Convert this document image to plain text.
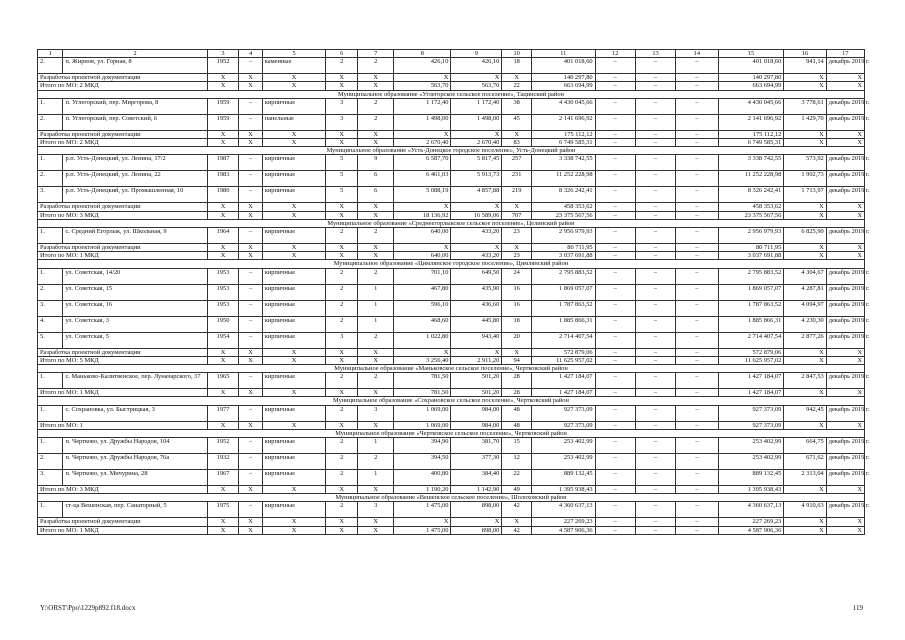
1	2	3	4	5	6	7	8	9	10	11	12	13	14	15	16	17
2.	п. Жирнов, ул. Горная, 8	1952	–	каменные	2	2	426,10	426,10	18	401 018,60	–	–	–	401 018,60	941,14	декабрь 2019 г.
Разработка проектной документации		X	X	X	X	X	X	X	X	140 297,80	–	–	–	140 297,80	X	X
Итого по МО: 2 МКД		X	X	X	X	X	563,70	563,70	22	663 694,99	–	–	–	663 694,99	X	X
Муниципальное образование «Углегорское сельское поселение», Тацинский район																
1.	п. Углегорский, пер. Миргорова, 8	1959	–	кирпичные	3	2	1 172,40	1 172,40	38	4 430 045,66	–	–	–	4 430 045,66	3 778,61	декабрь 2019 г.
2.	п. Углегорский, пер. Советский, 6	1959	–	панельные	3	2	1 498,00	1 498,00	45	2 141 696,92	–	–	–	2 141 696,92	1 429,70	декабрь 2019 г.
Разработка проектной документации		X	X	X	X	X	X	X	X	175 112,12	–	–	–	175 112,12	X	X
Итого по МО: 2 МКД		X	X	X	X	X	2 670,40	2 670,40	83	6 749 585,31	–	–	–	6 749 585,31	X	X
Муниципальное образование «Усть-Донецкое городское поселение», Усть-Донецкий район																
1.	р.п. Усть-Донецкий, ул. Ленина, 17/2	1987	–	кирпичные	5	9	6 587,70	5 817,45	257	3 338 742,55	–	–	–	3 338 742,55	573,92	декабрь 2019 г.
2.	р.п. Усть-Донецкий, ул. Ленина, 22	1983	–	кирпичные	5	6	6 461,03	5 913,73	231	11 252 228,98	–	–	–	11 252 228,98	1 902,73	декабрь 2019 г.
3.	р.п. Усть-Донецкий, ул. Промышленная, 10	1980	–	кирпичные	5	6	5 088,19	4 857,88	219	8 326 242,41	–	–	–	8 326 242,41	1 713,97	декабрь 2019 г.
Разработка проектной документации		X	X	X	X	X	X	X	X	458 353,62	–	–	–	458 353,62	X	X
Итого по МО: 3 МКД		X	X	X	X	X	18 136,92	16 589,06	707	23 375 567,56	–	–	–	23 375 567,56	X	X
Муниципальное образование «Среднеегорлыкское сельское поселение», Целинский район																
1.	с. Средний Егорлык, ул. Школьная, 9	1964	–	кирпичные	2	2	640,00	433,20	23	2 956 979,93	–	–	–	2 956 979,93	6 825,90	декабрь 2019 г.
Разработка проектной документации		X	X	X	X	X	X	X	X	80 711,95	–	–	–	80 711,95	X	X
Итого по МО: 1 МКД		X	X	X	X	X	640,00	433,20	23	3 037 691,88	–	–	–	3 037 691,88	X	X
Муниципальное образование «Цимлянское городское поселение», Цимлянский район																
1.	ул. Советская, 14/20	1953	–	кирпичные	2	2	701,10	649,50	24	2 795 883,52	–	–	–	2 795 883,52	4 304,67	декабрь 2019 г.
2.	ул. Советская, 15	1953	–	кирпичные	2	1	467,80	435,90	16	1 869 057,07	–	–	–	1 869 057,07	4 287,81	декабрь 2019 г.
3.	ул. Советская, 16	1953	–	кирпичные	2	1	596,10	436,60	16	1 787 863,52	–	–	–	1 787 863,52	4 094,97	декабрь 2019 г.
4.	ул. Советская, 3	1950	–	кирпичные	2	1	468,60	445,80	18	1 885 866,31	–	–	–	1 885 866,31	4 230,30	декабрь 2019 г.
5.	ул. Советская, 5	1954	–	кирпичные	3	2	1 022,80	943,40	20	2 714 407,54	–	–	–	2 714 407,54	2 877,26	декабрь 2019 г.
Разработка проектной документации		X	X	X	X	X	X	X	X	572 879,06	–	–	–	572 879,06	X	X
Итого по МО: 5 МКД		X	X	X	X	X	3 256,40	2 911,20	94	11 625 957,02	–	–	–	11 625 957,02	X	X
Муниципальное образование «Маньковское сельское поселение», Чертковский район																
1.	с. Маньково-Калитвенское, пер. Луначарского, 37	1965	–	кирпичные	2	2	781,50	501,20	28	1 427 184,07	–	–	–	1 427 184,07	2 847,53	декабрь 2019 г.
Итого по МО: 1 МКД		X	X	X	X	X	781,50	501,20	28	1 427 184,07	–	–	–	1 427 184,07	X	X
Муниципальное образование «Сохрановское сельское поселение», Чертковский район																
1.	с. Сохрановка, ул. Быстрицкая, 3	1977	–	кирпичные	2	3	1 069,00	984,00	48	927 373,09	–	–	–	927 373,09	942,45	декабрь 2019 г.
Итого по МО: 1		X	X	X	X	X	1 069,00	984,00	48	927 373,09	–	–	–	927 373,09	X	X
Муниципальное образование «Чертковское сельское поселение», Чертковский район																
1.	п. Чертково, ул. Дружбы Народов, 104	1952	–	кирпичные	2	1	394,90	381,70	15	253 402,99	–	–	–	253 402,99	664,75	декабрь 2019 г.
2.	п. Чертково, ул. Дружбы Народов, 76а	1932	–	кирпичные	2	2	394,50	377,30	12	253 402,99	–	–	–	253 402,99	671,62	декабрь 2019 г.
3.	п. Чертково, ул. Мичурина, 28	1967	–	кирпичные	2	1	400,80	384,40	22	889 132,45	–	–	–	889 132,45	2 313,04	декабрь 2019 г.
Итого по МО: 3 МКД		X	X	X	X	X	1 190,20	1 142,90	49	1 395 938,43	–	–	–	1 395 938,43	X	X
Муниципальное образование «Вешенское сельское поселение», Шолоховский район																
1.	ст-ца Вешенская, пер. Санаторный, 5	1975	–	кирпичные	2	3	1 475,00	898,00	42	4 360 637,13	–	–	–	4 360 637,13	4 910,63	декабрь 2019 г.
Разработка проектной документации		X	X	X	X	X	X	X	X	227 269,23	–	–	–	227 269,23	X	X
Итого по МО: 1 МКД		X	X	X	X	X	1 475,00	898,00	42	4 587 906,36	–	–	–	4 587 906,36	X	X
Y:\ORST\Ppo\1229p892.f18.docx	119
